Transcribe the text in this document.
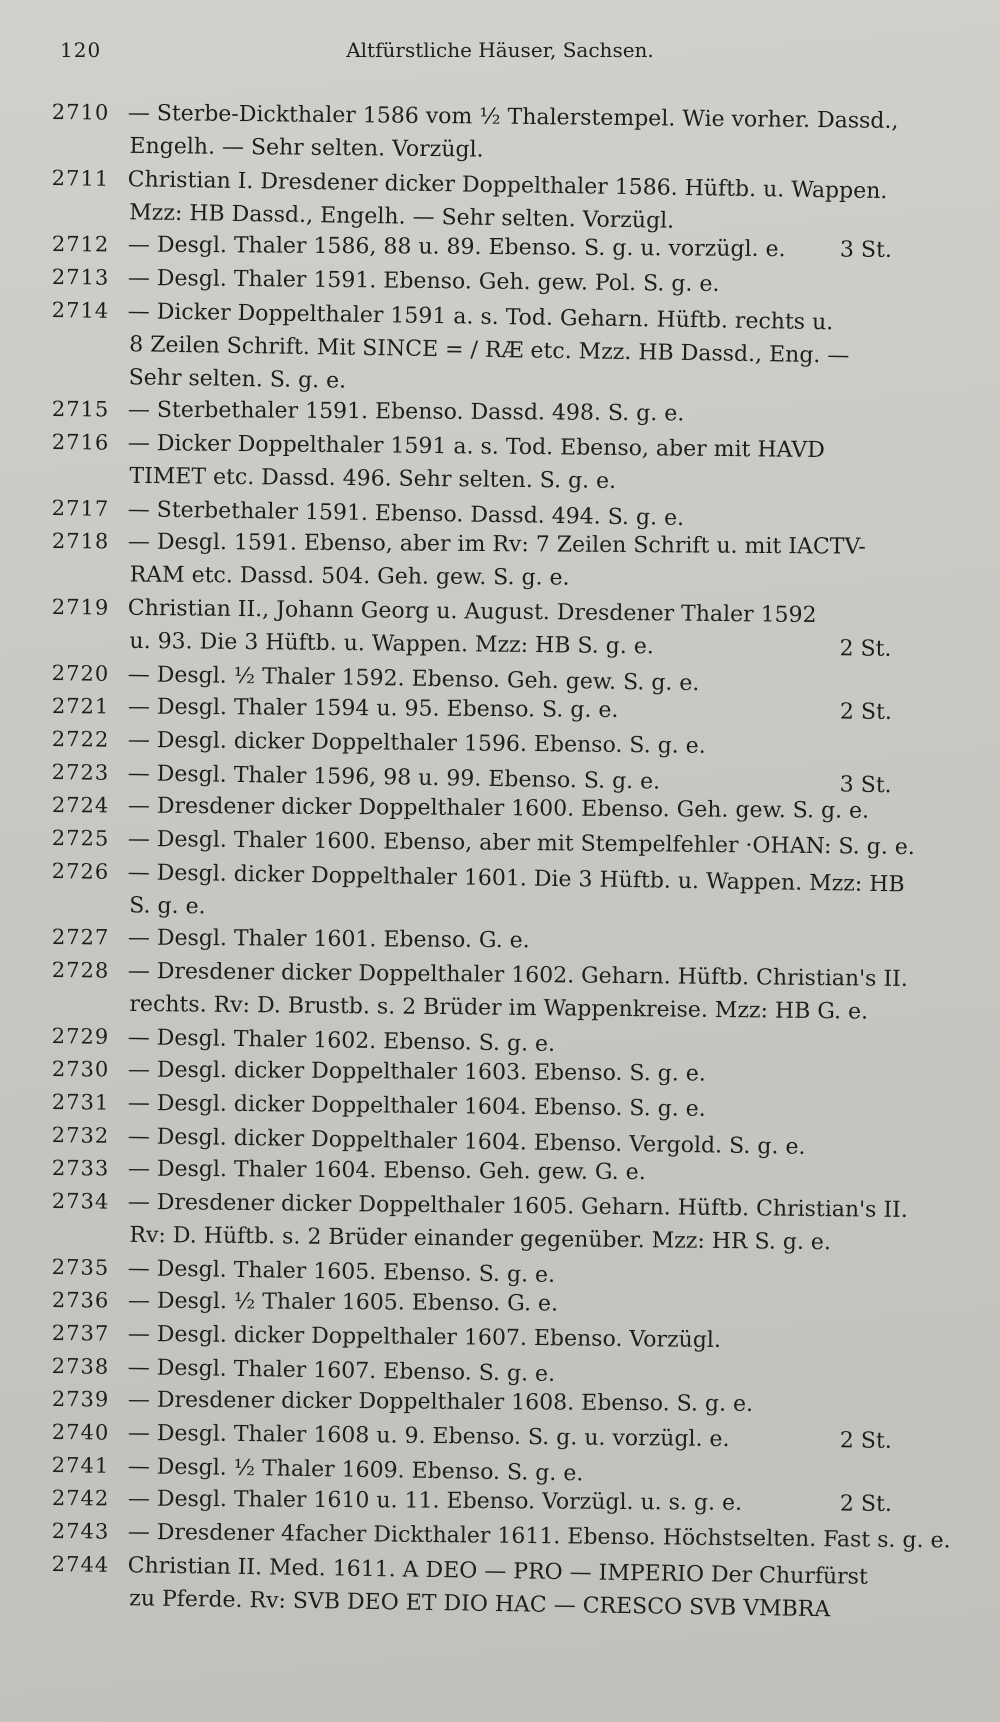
120	Altfürstliche Häuser, Sachsen.
2710 — Sterbe-Dickthaler 1586 vom ½ Thalerstempel. Wie vorher. Dassd.,
Engelh. — Sehr selten. Vorzügl.
2711 Christian I. Dresdener dicker Doppelthaler 1586. Hüftb. u. Wappen.
Mzz: HB Dassd., Engelh. — Sehr selten. Vorzügl.
2712 — Desgl. Thaler 1586, 88 u. 89. Ebenso. S. g. u. vorzügl. e. 3 St.
2713 — Desgl. Thaler 1591. Ebenso. Geh. gew. Pol. S. g. e.
2714 — Dicker Doppelthaler 1591 a. s. Tod. Geharn. Hüftb. rechts u.
8 Zeilen Schrift. Mit SINCE = / RÆ etc. Mzz. HB Dassd., Eng. —
Sehr selten. S. g. e.
2715 — Sterbethaler 1591. Ebenso. Dassd. 498. S. g. e.
2716 — Dicker Doppelthaler 1591 a. s. Tod. Ebenso, aber mit HAVD
TIMET etc. Dassd. 496. Sehr selten. S. g. e.
2717 — Sterbethaler 1591. Ebenso. Dassd. 494. S. g. e.
2718 — Desgl. 1591. Ebenso, aber im Rv: 7 Zeilen Schrift u. mit IACTV-
RAM etc. Dassd. 504. Geh. gew. S. g. e.
2719 Christian II., Johann Georg u. August. Dresdener Thaler 1592
u. 93. Die 3 Hüftb. u. Wappen. Mzz: HB S. g. e.	2 St.
2720 — Desgl. ½ Thaler 1592. Ebenso. Geh. gew. S. g. e.
2721 — Desgl. Thaler 1594 u. 95. Ebenso. S. g. e.	2 St.
2722 — Desgl. dicker Doppelthaler 1596. Ebenso. S. g. e.
2723 — Desgl. Thaler 1596, 98 u. 99. Ebenso. S. g. e.	3 St.
2724 — Dresdener dicker Doppelthaler 1600. Ebenso. Geh. gew. S. g. e.
2725 — Desgl. Thaler 1600. Ebenso, aber mit Stempelfehler ·OHAN: S. g. e.
2726 — Desgl. dicker Doppelthaler 1601. Die 3 Hüftb. u. Wappen. Mzz: HB
S. g. e.
2727 — Desgl. Thaler 1601. Ebenso. G. e.
2728 — Dresdener dicker Doppelthaler 1602. Geharn. Hüftb. Christian's II.
rechts. Rv: D. Brustb. s. 2 Brüder im Wappenkreise. Mzz: HB G. e.
2729 — Desgl. Thaler 1602. Ebenso. S. g. e.
2730 — Desgl. dicker Doppelthaler 1603. Ebenso. S. g. e.
2731 — Desgl. dicker Doppelthaler 1604. Ebenso. S. g. e.
2732 — Desgl. dicker Doppelthaler 1604. Ebenso. Vergold. S. g. e.
2733 — Desgl. Thaler 1604. Ebenso. Geh. gew. G. e.
2734 — Dresdener dicker Doppelthaler 1605. Geharn. Hüftb. Christian's II.
Rv: D. Hüftb. s. 2 Brüder einander gegenüber. Mzz: HR S. g. e.
2735 — Desgl. Thaler 1605. Ebenso. S. g. e.
2736 — Desgl. ½ Thaler 1605. Ebenso. G. e.
2737 — Desgl. dicker Doppelthaler 1607. Ebenso. Vorzügl.
2738 — Desgl. Thaler 1607. Ebenso. S. g. e.
2739 — Dresdener dicker Doppelthaler 1608. Ebenso. S. g. e.
2740 — Desgl. Thaler 1608 u. 9. Ebenso. S. g. u. vorzügl. e.	2 St.
2741 — Desgl. ½ Thaler 1609. Ebenso. S. g. e.
2742 — Desgl. Thaler 1610 u. 11. Ebenso. Vorzügl. u. s. g. e.	2 St.
2743 — Dresdener 4facher Dickthaler 1611. Ebenso. Höchstselten. Fast s. g. e.
2744 Christian II. Med. 1611. A DEO — PRO — IMPERIO Der Churfürst
zu Pferde. Rv: SVB DEO ET DIO HAC — CRESCO SVB VMBRA
